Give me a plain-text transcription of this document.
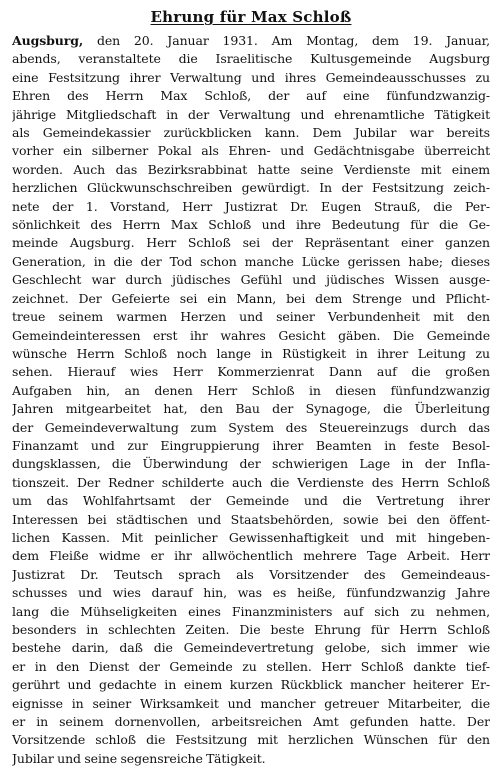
Ehrung für Max Schloß
Augsburg, den 20. Januar 1931. Am Montag, dem 19. Januar,
abends, veranstaltete die Israelitische Kultusgemeinde Augsburg
eine Festsitzung ihrer Verwaltung und ihres Gemeindeausschusses zu
Ehren des Herrn Max Schloß, der auf eine fünfundzwanzig-
jährige Mitgliedschaft in der Verwaltung und ehrenamtliche Tätigkeit
als Gemeindekassier zurückblicken kann. Dem Jubilar war bereits
vorher ein silberner Pokal als Ehren- und Gedächtnisgabe überreicht
worden. Auch das Bezirksrabbinat hatte seine Verdienste mit einem
herzlichen Glückwunschschreiben gewürdigt. In der Festsitzung zeich-
nete der 1. Vorstand, Herr Justizrat Dr. Eugen Strauß, die Per-
sönlichkeit des Herrn Max Schloß und ihre Bedeutung für die Ge-
meinde Augsburg. Herr Schloß sei der Repräsentant einer ganzen
Generation, in die der Tod schon manche Lücke gerissen habe; dieses
Geschlecht war durch jüdisches Gefühl und jüdisches Wissen ausge-
zeichnet. Der Gefeierte sei ein Mann, bei dem Strenge und Pflicht-
treue seinem warmen Herzen und seiner Verbundenheit mit den
Gemeindeinteressen erst ihr wahres Gesicht gäben. Die Gemeinde
wünsche Herrn Schloß noch lange in Rüstigkeit in ihrer Leitung zu
sehen. Hierauf wies Herr Kommerzienrat Dann auf die großen
Aufgaben hin, an denen Herr Schloß in diesen fünfundzwanzig
Jahren mitgearbeitet hat, den Bau der Synagoge, die Überleitung
der Gemeindeverwaltung zum System des Steuereinzugs durch das
Finanzamt und zur Eingruppierung ihrer Beamten in feste Besol-
dungsklassen, die Überwindung der schwierigen Lage in der Infla-
tionszeit. Der Redner schilderte auch die Verdienste des Herrn Schloß
um das Wohlfahrtsamt der Gemeinde und die Vertretung ihrer
Interessen bei städtischen und Staatsbehörden, sowie bei den öffent-
lichen Kassen. Mit peinlicher Gewissenhaftigkeit und mit hingeben-
dem Fleiße widme er ihr allwöchentlich mehrere Tage Arbeit. Herr
Justizrat Dr. Teutsch sprach als Vorsitzender des Gemeindeaus-
schusses und wies darauf hin, was es heiße, fünfundzwanzig Jahre
lang die Mühseligkeiten eines Finanzministers auf sich zu nehmen,
besonders in schlechten Zeiten. Die beste Ehrung für Herrn Schloß
bestehe darin, daß die Gemeindevertretung gelobe, sich immer wie
er in den Dienst der Gemeinde zu stellen. Herr Schloß dankte tief-
gerührt und gedachte in einem kurzen Rückblick mancher heiterer Er-
eignisse in seiner Wirksamkeit und mancher getreuer Mitarbeiter, die
er in seinem dornenvollen, arbeitsreichen Amt gefunden hatte. Der
Vorsitzende schloß die Festsitzung mit herzlichen Wünschen für den
Jubilar und seine segensreiche Tätigkeit.
